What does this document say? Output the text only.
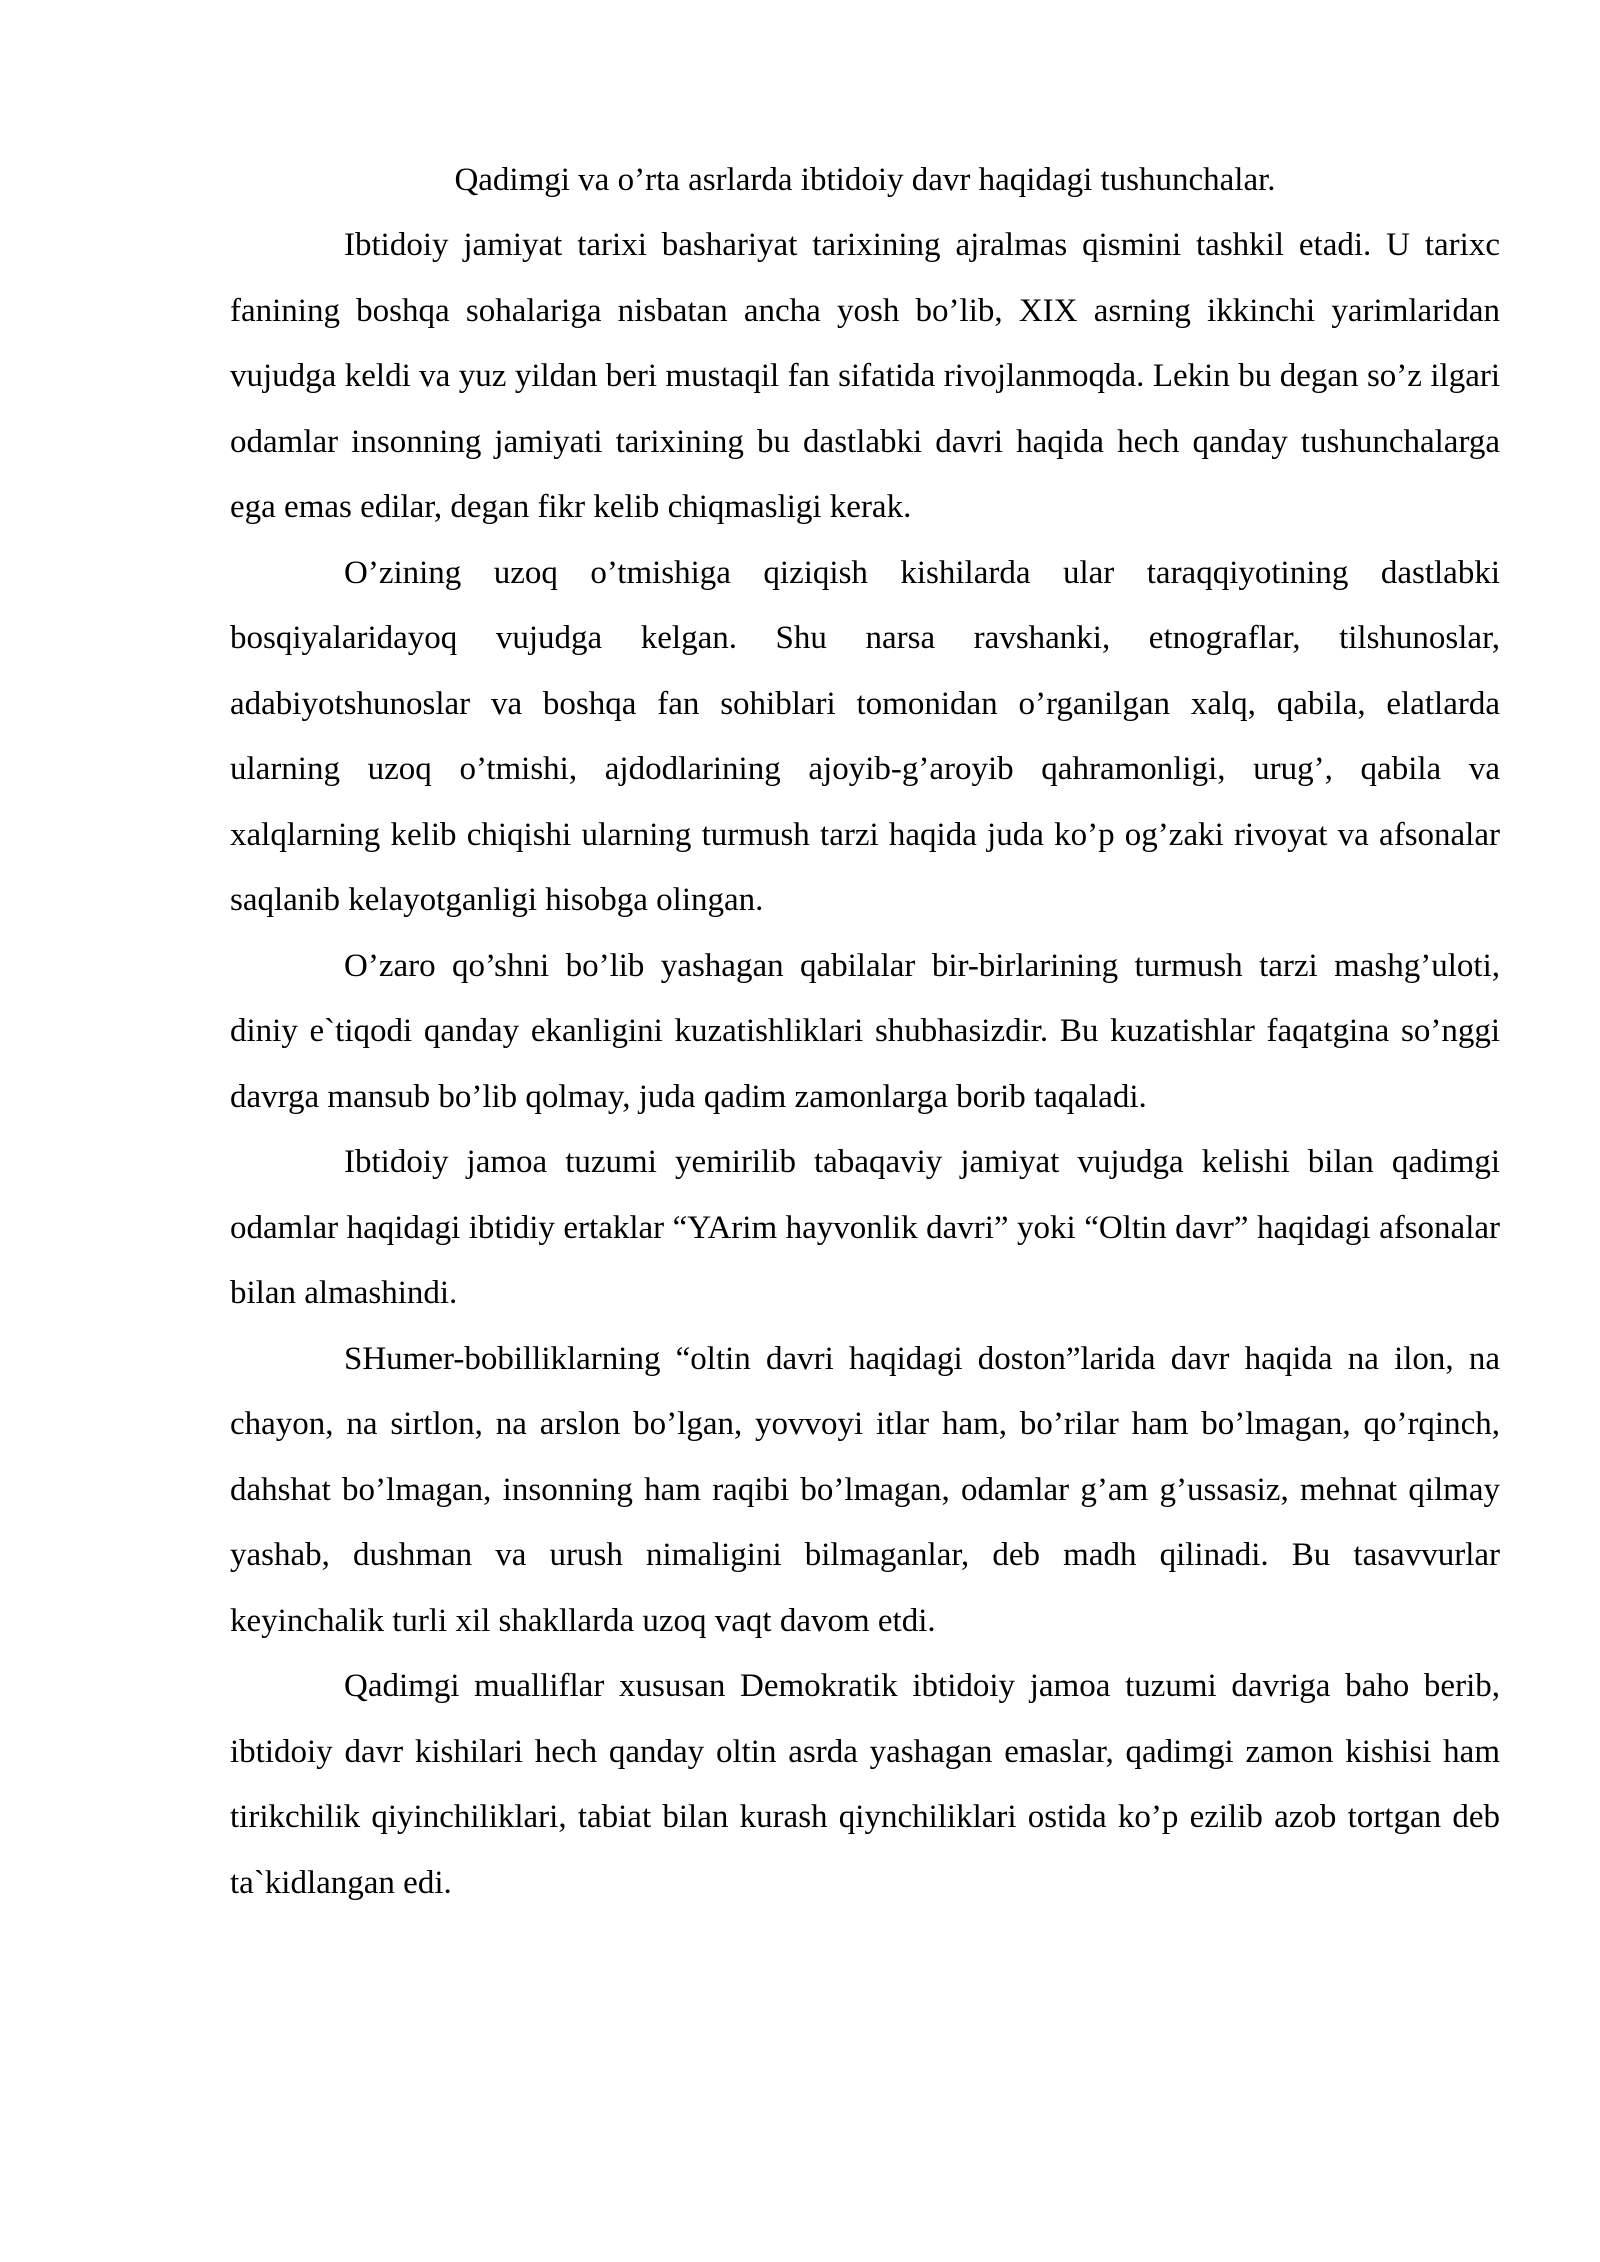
Qadimgi va o’rta asrlarda ibtidoiy davr haqidagi tushunchalar.

Ibtidoiy jamiyat tarixi bashariyat tarixining ajralmas qismini tashkil etadi. U tarixc fanining boshqa sohalariga nisbatan ancha yosh bo’lib, XIX asrning ikkinchi yarimlaridan vujudga keldi va yuz yildan beri mustaqil fan sifatida rivojlanmoqda. Lekin bu degan so’z ilgari odamlar insonning jamiyati tarixining bu dastlabki davri haqida hech qanday tushunchalarga ega emas edilar, degan fikr kelib chiqmasligi kerak.

O’zining uzoq o’tmishiga qiziqish kishilarda ular taraqqiyotining dastlabki bosqiyalaridayoq vujudga kelgan. Shu narsa ravshanki, etnograflar, tilshunoslar, adabiyotshunoslar va boshqa fan sohiblari tomonidan o’rganilgan xalq, qabila, elatlarda ularning uzoq o’tmishi, ajdodlarining ajoyib-g’aroyib qahramonligi, urug’, qabila va xalqlarning kelib chiqishi ularning turmush tarzi haqida juda ko’p og’zaki rivoyat va afsonalar saqlanib kelayotganligi hisobga olingan.

O’zaro qo’shni bo’lib yashagan qabilalar bir-birlarining turmush tarzi mashg’uloti, diniy e`tiqodi qanday ekanligini kuzatishliklari shubhasizdir. Bu kuzatishlar faqatgina so’nggi davrga mansub bo’lib qolmay, juda qadim zamonlarga borib taqaladi.

Ibtidoiy jamoa tuzumi yemirilib tabaqaviy jamiyat vujudga kelishi bilan qadimgi odamlar haqidagi ibtidiy ertaklar “YArim hayvonlik davri” yoki “Oltin davr” haqidagi afsonalar bilan almashindi.

SHumer-bobilliklarning “oltin davri haqidagi doston”larida davr haqida na ilon, na chayon, na sirtlon, na arslon bo’lgan, yovvoyi itlar ham, bo’rilar ham bo’lmagan, qo’rqinch, dahshat bo’lmagan, insonning ham raqibi bo’lmagan, odamlar g’am g’ussasiz, mehnat qilmay yashab, dushman va urush nimaligini bilmaganlar, deb madh qilinadi. Bu tasavvurlar keyinchalik turli xil shakllarda uzoq vaqt davom etdi.

Qadimgi mualliflar xususan Demokratik ibtidoiy jamoa tuzumi davriga baho berib, ibtidoiy davr kishilari hech qanday oltin asrda yashagan emaslar, qadimgi zamon kishisi ham tirikchilik qiyinchiliklari, tabiat bilan kurash qiynchiliklari ostida ko’p ezilib azob tortgan deb ta`kidlangan edi.
